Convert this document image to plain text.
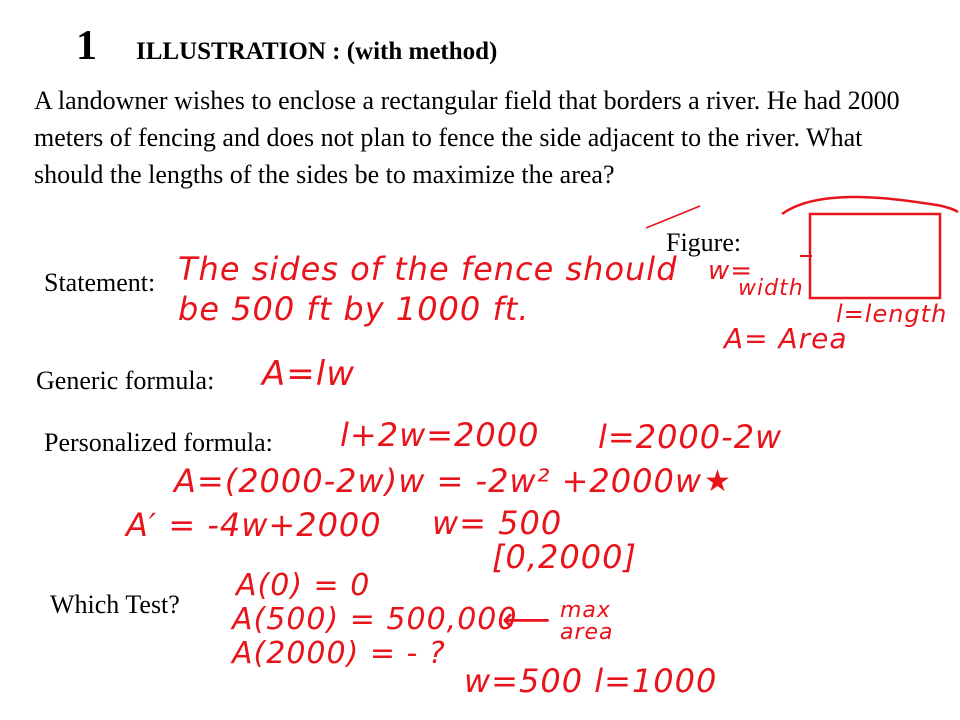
1 ILLUSTRATION : (with method)

A landowner wishes to enclose a rectangular field that borders a river. He had 2000 meters of fencing and does not plan to fence the side adjacent to the river. What should the lengths of the sides be to maximize the area?

Figure:
Statement:
Generic formula:
Personalized formula:
Which Test?
The sides of the fence should
be 500 ft by 1000 ft.
w=
width
l=length
A= Area
A=lw
l+2w=2000 l=2000-2w
A=(2000-2w)w = -2w² +2000w ★
A′ = -4w+2000 w= 500
[0,2000]
A(0) = 0
A(500) = 500,000
⟵ max area
A(2000) = - ?
w=500 l=1000
